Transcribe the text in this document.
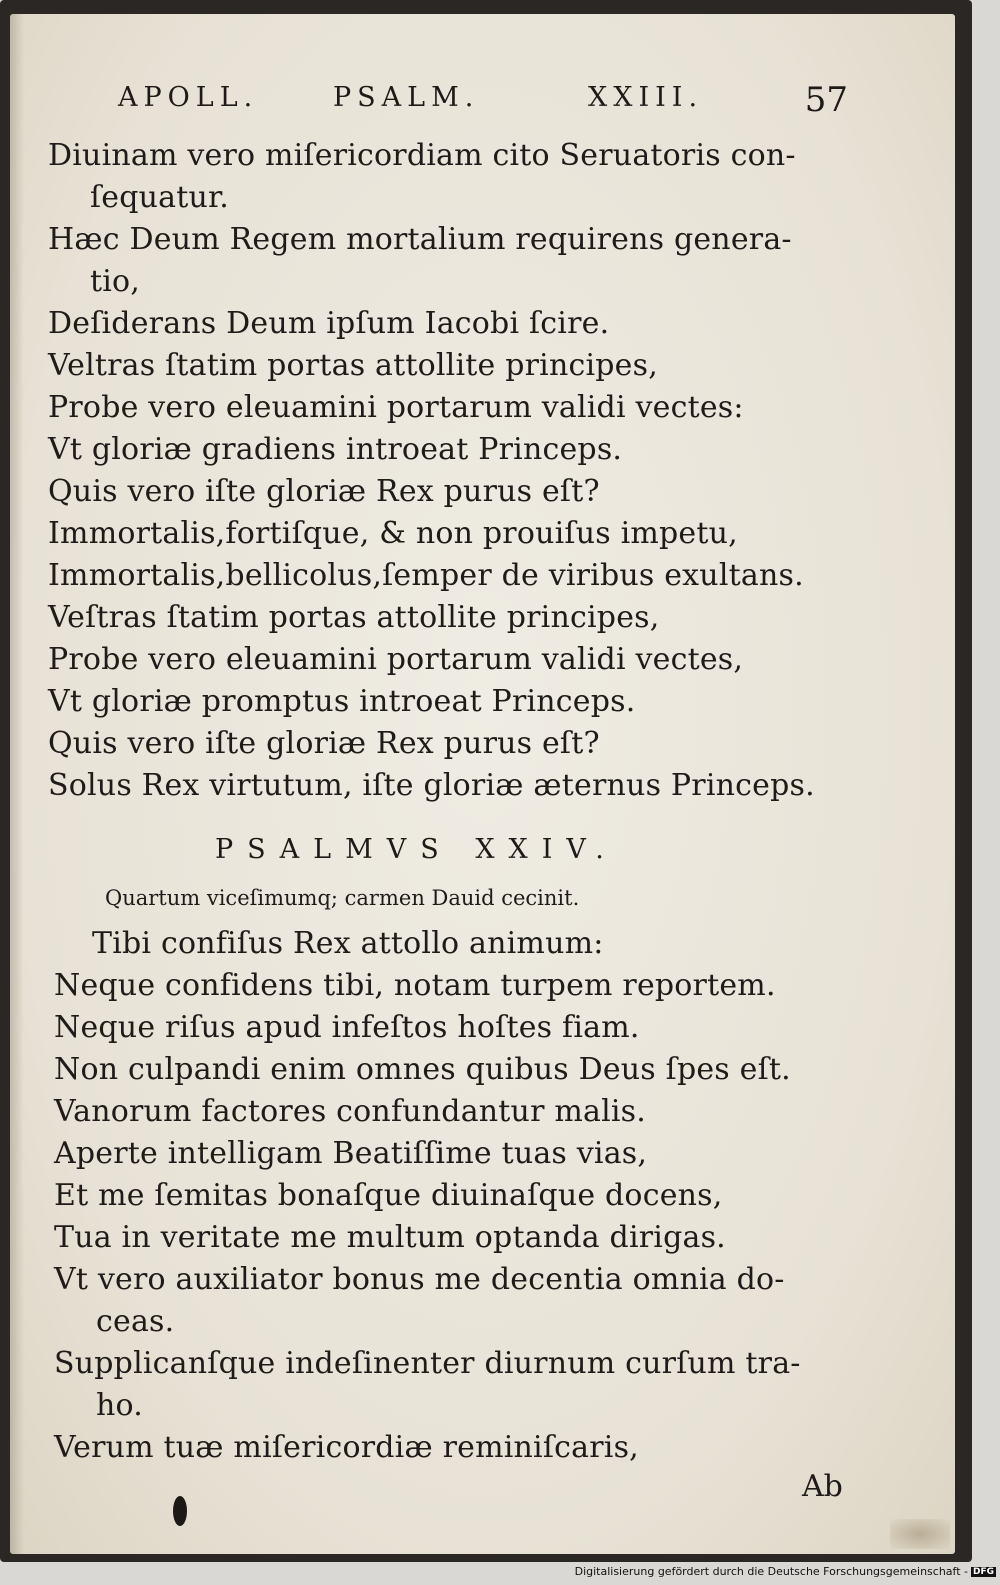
APOLL.	PSALM.	XXIII.	57
Diuinam vero miſericordiam cito Seruatoris con-
ſequatur.
Hæc Deum Regem mortalium requirens genera-
tio,
Deſiderans Deum ipſum Iacobi ſcire.
Veltras ſtatim portas attollite principes,
Probe vero eleuamini portarum validi vectes:
Vt gloriæ gradiens introeat Princeps.
Quis vero iſte gloriæ Rex purus eſt?
Immortalis,fortiſque, & non prouiſus impetu,
Immortalis,bellicolus,ſemper de viribus exultans.
Veſtras ſtatim portas attollite principes,
Probe vero eleuamini portarum validi vectes,
Vt gloriæ promptus introeat Princeps.
Quis vero iſte gloriæ Rex purus eſt?
Solus Rex virtutum, iſte gloriæ æternus Princeps.
PSALMVS XXIV.
Quartum viceſimumq; carmen Dauid cecinit.
Tibi confiſus Rex attollo animum:
Neque confidens tibi, notam turpem reportem.
Neque riſus apud infeſtos hoſtes fiam.
Non culpandi enim omnes quibus Deus ſpes eſt.
Vanorum factores confundantur malis.
Aperte intelligam Beatiſſime tuas vias,
Et me ſemitas bonaſque diuinaſque docens,
Tua in veritate me multum optanda dirigas.
Vt vero auxiliator bonus me decentia omnia do-
ceas.
Supplicanſque indeſinenter diurnum curſum tra-
ho.
Verum tuæ miſericordiæ reminiſcaris,
Ab
Digitalisierung gefördert durch die Deutsche Forschungsgemeinschaft - DFG
